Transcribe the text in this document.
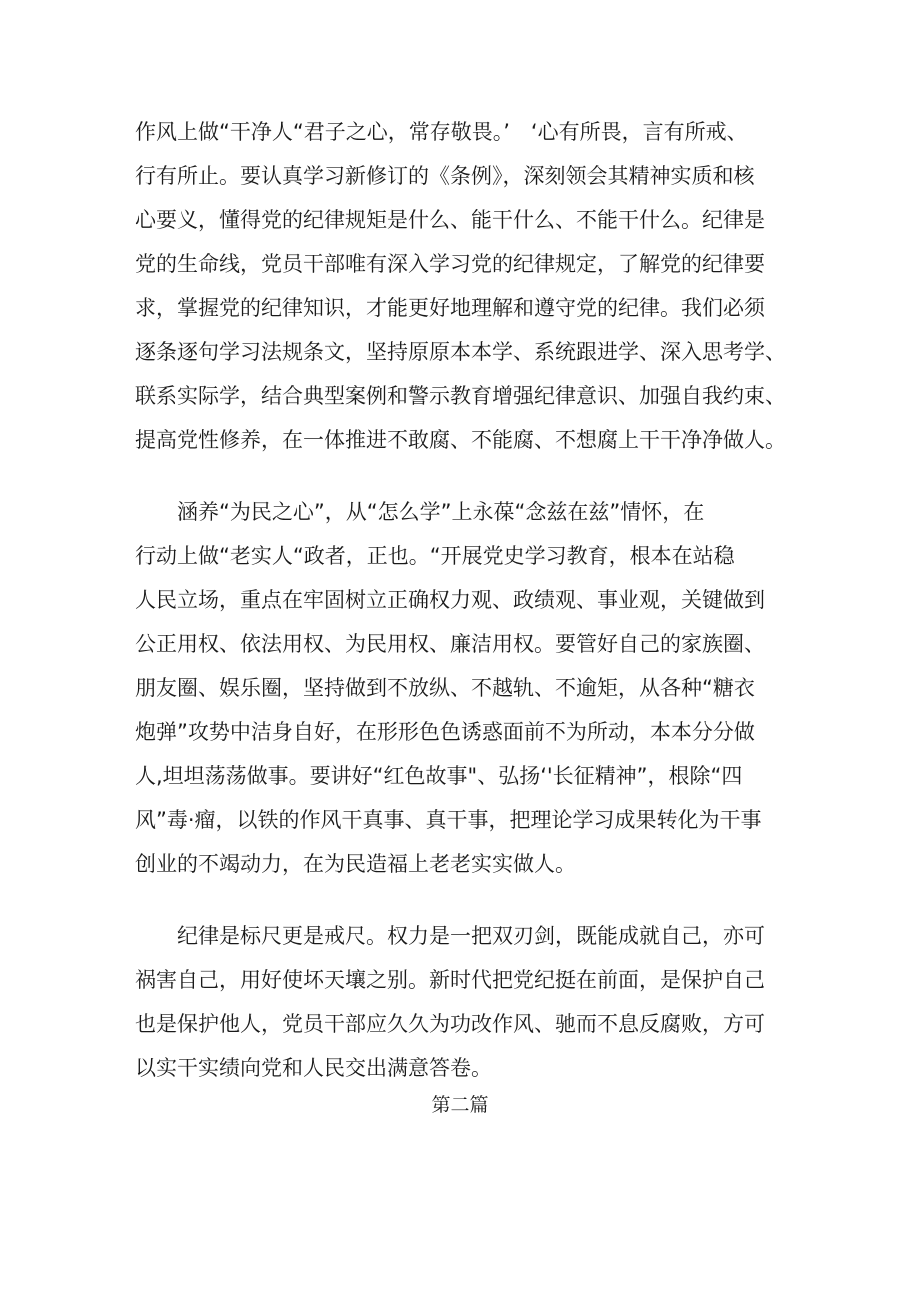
作风上做“干净人“君子之心，常存敬畏。’　‘心有所畏，言有所戒、
行有所止。要认真学习新修订的《条例》，深刻领会其精神实质和核
心要义，懂得党的纪律规矩是什么、能干什么、不能干什么。纪律是
党的生命线，党员干部唯有深入学习党的纪律规定，了解党的纪律要
求，掌握党的纪律知识，才能更好地理解和遵守党的纪律。我们必须
逐条逐句学习法规条文，坚持原原本本学、系统跟进学、深入思考学、
联系实际学，结合典型案例和警示教育增强纪律意识、加强自我约束、
提高党性修养，在一体推进不敢腐、不能腐、不想腐上干干净净做人。
　　涵养“为民之心”，从“怎么学”上永葆“念兹在兹”情怀，在
行动上做“老实人“政者，正也。“开展党史学习教育，根本在站稳
人民立场，重点在牢固树立正确权力观、政绩观、事业观，关键做到
公正用权、依法用权、为民用权、廉洁用权。要管好自己的家族圈、
朋友圈、娱乐圈，坚持做到不放纵、不越轨、不逾矩，从各种“糖衣
炮弹”攻势中洁身自好，在形形色色诱惑面前不为所动，本本分分做
人,坦坦荡荡做事。要讲好“红色故事"、弘扬‘'长征精神”，根除“四
风”毒·瘤，以铁的作风干真事、真干事，把理论学习成果转化为干事
创业的不竭动力，在为民造福上老老实实做人。
　　纪律是标尺更是戒尺。权力是一把双刃剑，既能成就自己，亦可
祸害自己，用好使坏天壤之别。新时代把党纪挺在前面，是保护自己
也是保护他人，党员干部应久久为功改作风、驰而不息反腐败，方可
以实干实绩向党和人民交出满意答卷。
第二篇
